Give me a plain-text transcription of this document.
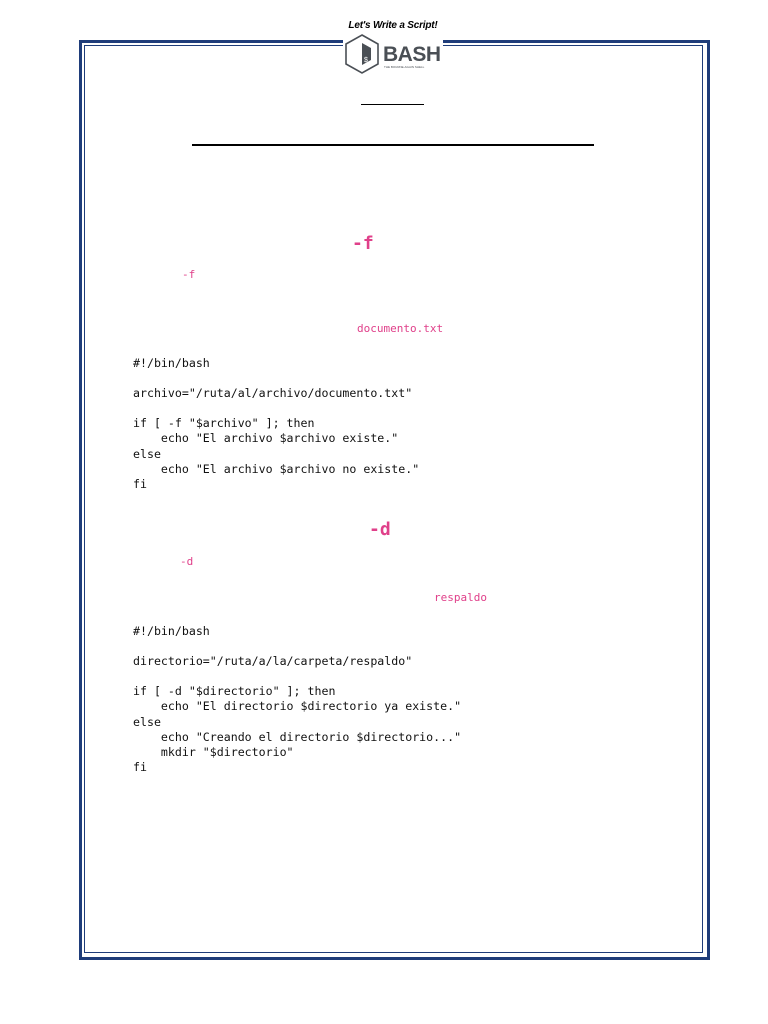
Let's Write a Script!
$ BASH
THE BOURNE-AGAIN SHELL
-f
-f
documento.txt
#!/bin/bash

archivo="/ruta/al/archivo/documento.txt"

if [ -f "$archivo" ]; then
echo "El archivo $archivo existe."
else
echo "El archivo $archivo no existe."
fi
-d
-d
respaldo
#!/bin/bash

directorio="/ruta/a/la/carpeta/respaldo"

if [ -d "$directorio" ]; then
echo "El directorio $directorio ya existe."
else
echo "Creando el directorio $directorio..."
mkdir "$directorio"
fi
